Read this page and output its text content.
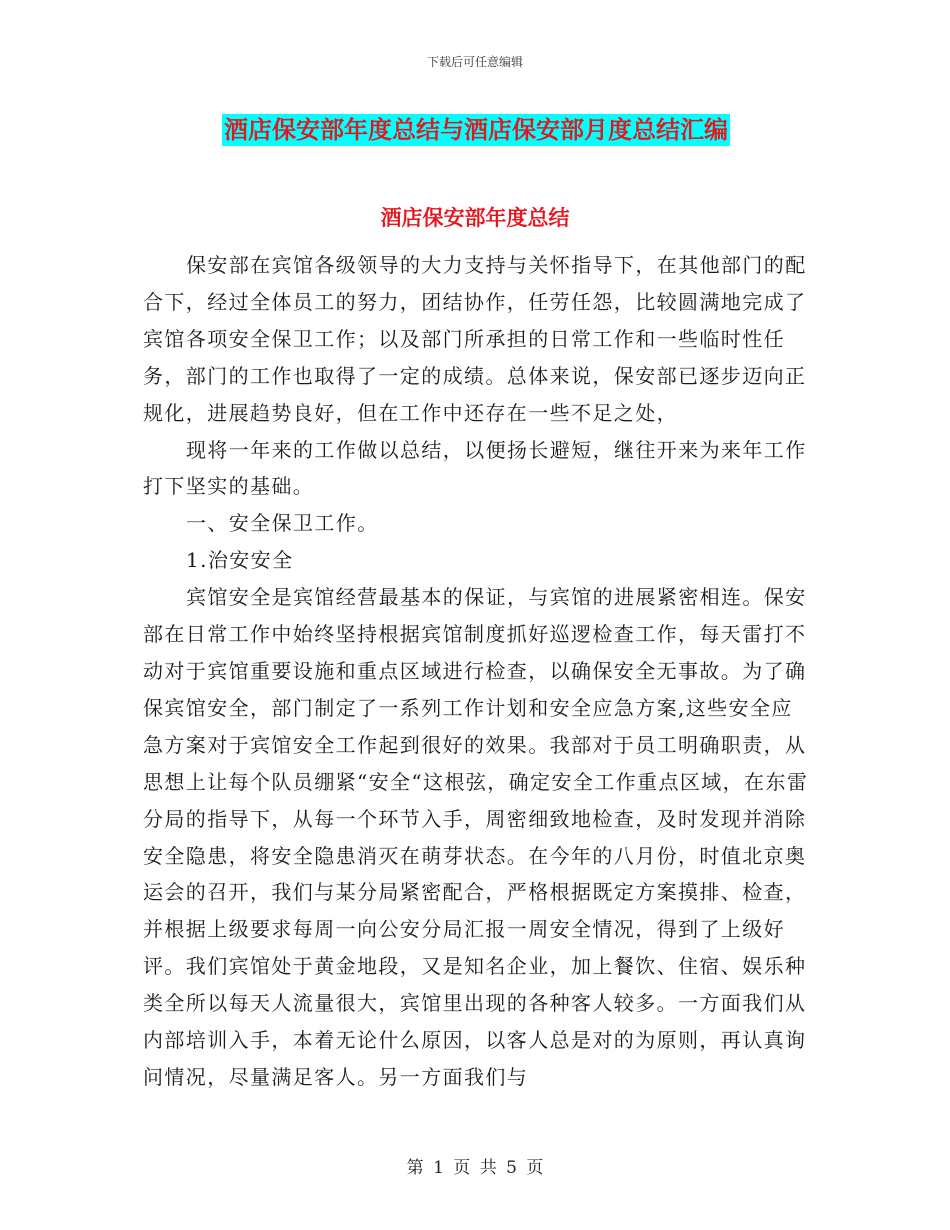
下载后可任意编辑
酒店保安部年度总结与酒店保安部月度总结汇编
酒店保安部年度总结

保安部在宾馆各级领导的大力支持与关怀指导下，在其他部门的配合下，经过全体员工的努力，团结协作，任劳任怨，比较圆满地完成了宾馆各项安全保卫工作；以及部门所承担的日常工作和一些临时性任务，部门的工作也取得了一定的成绩。总体来说，保安部已逐步迈向正规化，进展趋势良好，但在工作中还存在一些不足之处，

现将一年来的工作做以总结，以便扬长避短，继往开来为来年工作打下坚实的基础。

一、安全保卫工作。

1.治安安全

宾馆安全是宾馆经营最基本的保证，与宾馆的进展紧密相连。保安部在日常工作中始终坚持根据宾馆制度抓好巡逻检查工作，每天雷打不动对于宾馆重要设施和重点区域进行检查，以确保安全无事故。为了确保宾馆安全，部门制定了一系列工作计划和安全应急方案,这些安全应急方案对于宾馆安全工作起到很好的效果。我部对于员工明确职责，从思想上让每个队员绷紧“安全“这根弦，确定安全工作重点区域，在东雷分局的指导下，从每一个环节入手，周密细致地检查，及时发现并消除安全隐患，将安全隐患消灭在萌芽状态。在今年的八月份，时值北京奥运会的召开，我们与某分局紧密配合，严格根据既定方案摸排、检查，并根据上级要求每周一向公安分局汇报一周安全情况，得到了上级好评。我们宾馆处于黄金地段，又是知名企业，加上餐饮、住宿、娱乐种类全所以每天人流量很大，宾馆里出现的各种客人较多。一方面我们从内部培训入手，本着无论什么原因，以客人总是对的为原则，再认真询问情况，尽量满足客人。另一方面我们与

第 1 页 共 5 页
